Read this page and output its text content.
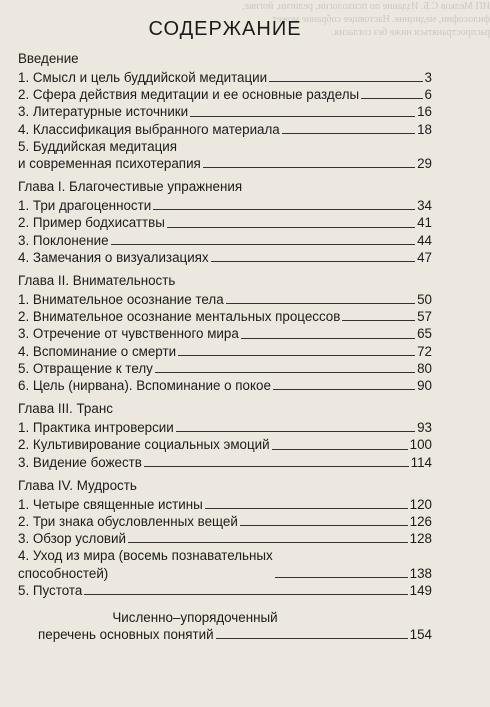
ИП Мелков С.Б. Издание по психологии, религии, йогике, философии, медицине. Настоящее собрание может распространяться ниже без согласия.
СОДЕРЖАНИЕ
Введение
1. Смысл и цель буддийской медитации	3
2. Сфера действия медитации и ее основные разделы	6
3. Литературные источники	16
4. Классификация выбранного материала	18
5. Буддийская медитация
и современная психотерапия	29
Глава I. Благочестивые упражнения
1. Три драгоценности	34
2. Пример бодхисаттвы	41
3. Поклонение	44
4. Замечания о визуализациях	47
Глава II. Внимательность
1. Внимательное осознание тела	50
2. Внимательное осознание ментальных процессов	57
3. Отречение от чувственного мира	65
4. Вспоминание о смерти	72
5. Отвращение к телу	80
6. Цель (нирвана). Вспоминание о покое	90
Глава III. Транс
1. Практика интроверсии	93
2. Культивирование социальных эмоций	100
3. Видение божеств	114
Глава IV. Мудрость
1. Четыре священные истины	120
2. Три знака обусловленных вещей	126
3. Обзор условий	128
4. Уход из мира (восемь познавательных
способностей)	138
5. Пустота	149
Численно–упорядоченный
перечень основных понятий	154
